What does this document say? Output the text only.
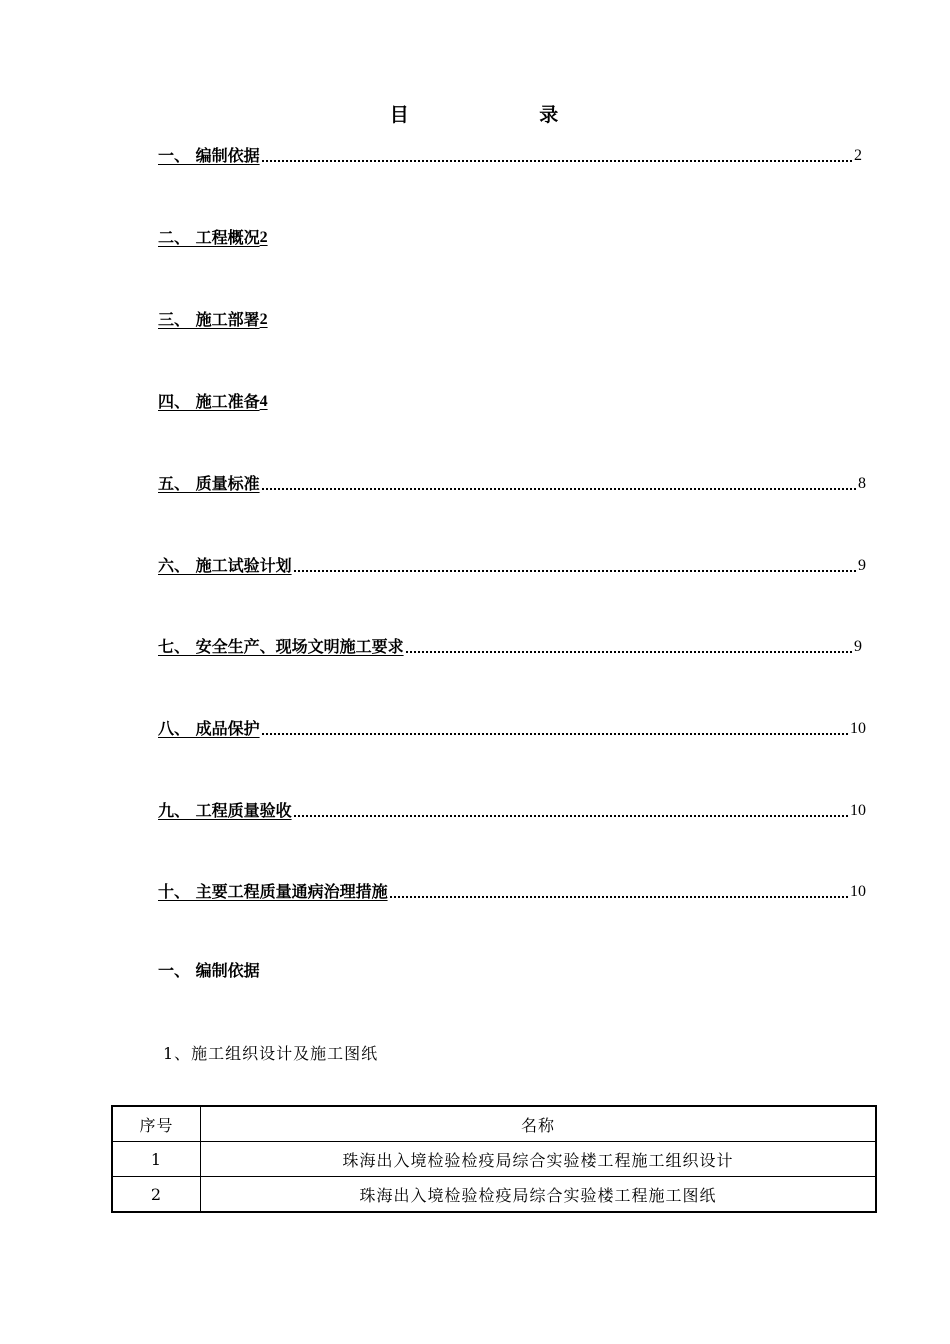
目 录
一、 编制依据	2
二、 工程概况 2
三、 施工部署 2
四、 施工准备 4
五、 质量标准	8
六、 施工试验计划	9
七、 安全生产、现场文明施工要求	9
八、 成品保护	10
九、 工程质量验收	10
十、 主要工程质量通病治理措施	10
一、 编制依据
1、施工组织设计及施工图纸
序号	名称
1	珠海出入境检验检疫局综合实验楼工程施工组织设计
2	珠海出入境检验检疫局综合实验楼工程施工图纸
